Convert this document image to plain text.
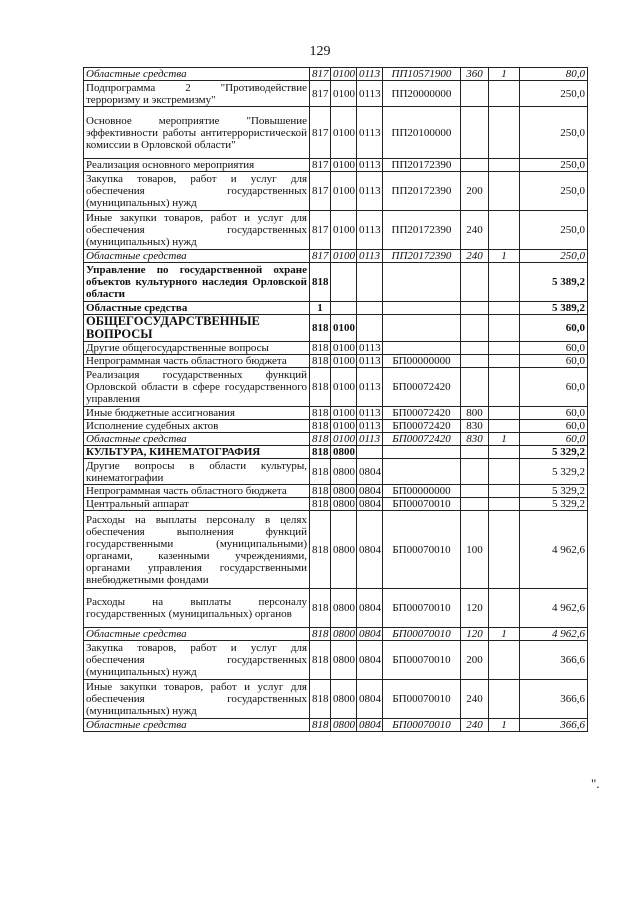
129
Областные средства	817	0100	0113	ПП10571900	360	1	80,0
Подпрограмма 2 "Противодействие терроризму и экстремизму"	817	0100	0113	ПП20000000			250,0
Основное мероприятие "Повышение эффективности работы антитеррористической комиссии в Орловской области"	817	0100	0113	ПП20100000			250,0
Реализация основного мероприятия	817	0100	0113	ПП20172390			250,0
Закупка товаров, работ и услуг для обеспечения государственных (муниципальных) нужд	817	0100	0113	ПП20172390	200		250,0
Иные закупки товаров, работ и услуг для обеспечения государственных (муниципальных) нужд	817	0100	0113	ПП20172390	240		250,0
Областные средства	817	0100	0113	ПП20172390	240	1	250,0
Управление по государственной охране объектов культурного наследия Орловской области	818						5 389,2
Областные средства	1						5 389,2
ОБЩЕГОСУДАРСТВЕННЫЕ ВОПРОСЫ	818	0100					60,0
Другие общегосударственные вопросы	818	0100	0113				60,0
Непрограммная часть областного бюджета	818	0100	0113	БП00000000			60,0
Реализация государственных функций Орловской области в сфере государственного управления	818	0100	0113	БП00072420			60,0
Иные бюджетные ассигнования	818	0100	0113	БП00072420	800		60,0
Исполнение судебных актов	818	0100	0113	БП00072420	830		60,0
Областные средства	818	0100	0113	БП00072420	830	1	60,0
КУЛЬТУРА, КИНЕМАТОГРАФИЯ	818	0800					5 329,2
Другие вопросы в области культуры, кинематографии	818	0800	0804				5 329,2
Непрограммная часть областного бюджета	818	0800	0804	БП00000000			5 329,2
Центральный аппарат	818	0800	0804	БП00070010			5 329,2
Расходы на выплаты персоналу в целях обеспечения выполнения функций государственными (муниципальными) органами, казенными учреждениями, органами управления государственными внебюджетными фондами	818	0800	0804	БП00070010	100		4 962,6
Расходы на выплаты персоналу государственных (муниципальных) органов	818	0800	0804	БП00070010	120		4 962,6
Областные средства	818	0800	0804	БП00070010	120	1	4 962,6
Закупка товаров, работ и услуг для обеспечения государственных (муниципальных) нужд	818	0800	0804	БП00070010	200		366,6
Иные закупки товаров, работ и услуг для обеспечения государственных (муниципальных) нужд	818	0800	0804	БП00070010	240		366,6
Областные средства	818	0800	0804	БП00070010	240	1	366,6
".
